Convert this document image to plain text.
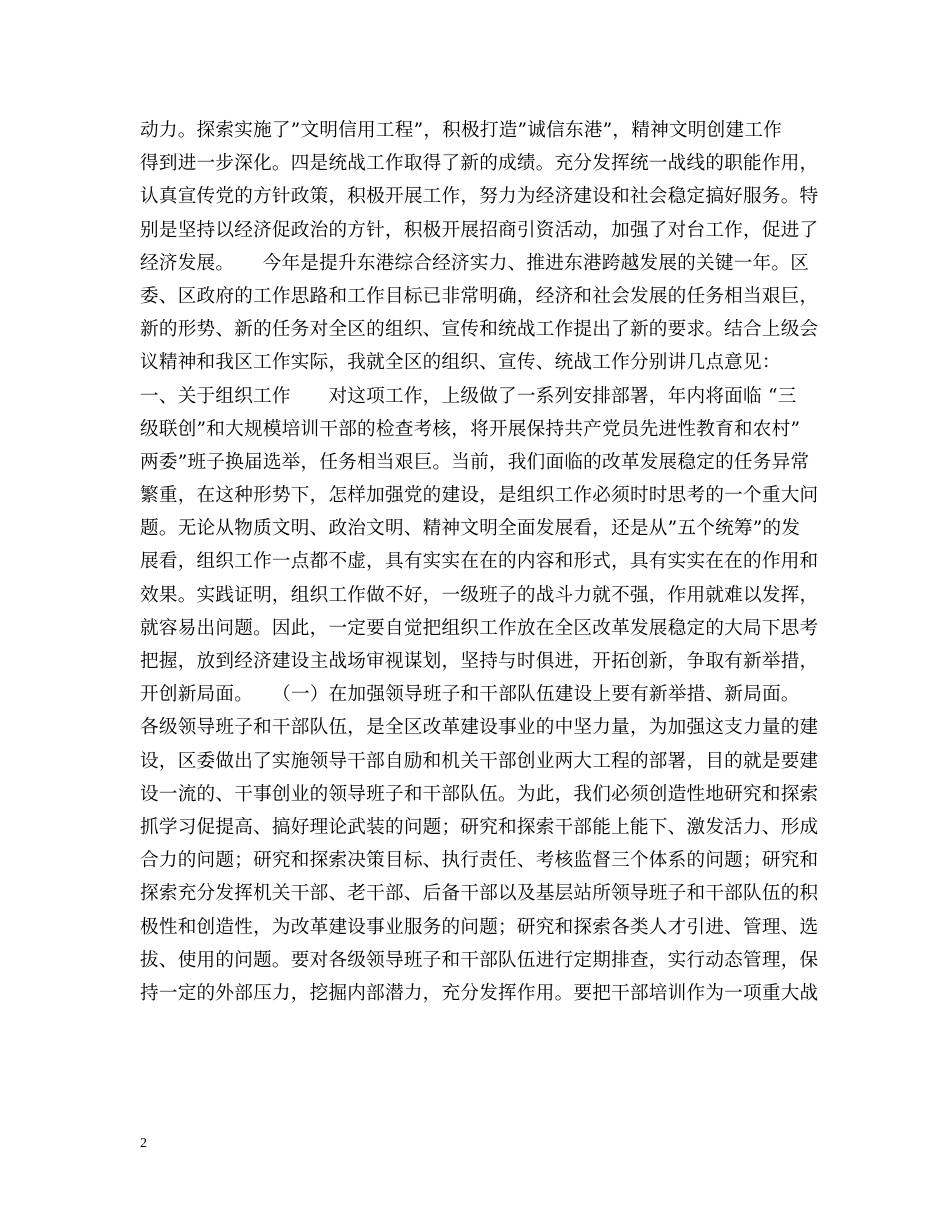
动力。探索实施了”文明信用工程”，积极打造”诚信东港”，精神文明创建工作
得到进一步深化。四是统战工作取得了新的成绩。充分发挥统一战线的职能作用，
认真宣传党的方针政策，积极开展工作，努力为经济建设和社会稳定搞好服务。特
别是坚持以经济促政治的方针，积极开展招商引资活动，加强了对台工作，促进了
经济发展。　　今年是提升东港综合经济实力、推进东港跨越发展的关键一年。区
委、区政府的工作思路和工作目标已非常明确，经济和社会发展的任务相当艰巨，
新的形势、新的任务对全区的组织、宣传和统战工作提出了新的要求。结合上级会
议精神和我区工作实际，我就全区的组织、宣传、统战工作分别讲几点意见：
一、关于组织工作　　对这项工作，上级做了一系列安排部署，年内将面临 “三
级联创”和大规模培训干部的检查考核，将开展保持共产党员先进性教育和农村”
两委”班子换届选举，任务相当艰巨。当前，我们面临的改革发展稳定的任务异常
繁重，在这种形势下，怎样加强党的建设，是组织工作必须时时思考的一个重大问
题。无论从物质文明、政治文明、精神文明全面发展看，还是从”五个统筹”的发
展看，组织工作一点都不虚，具有实实在在的内容和形式，具有实实在在的作用和
效果。实践证明，组织工作做不好，一级班子的战斗力就不强，作用就难以发挥，
就容易出问题。因此，一定要自觉把组织工作放在全区改革发展稳定的大局下思考
把握，放到经济建设主战场审视谋划，坚持与时俱进，开拓创新，争取有新举措，
开创新局面。　　（一）在加强领导班子和干部队伍建设上要有新举措、新局面。
各级领导班子和干部队伍，是全区改革建设事业的中坚力量，为加强这支力量的建
设，区委做出了实施领导干部自励和机关干部创业两大工程的部署，目的就是要建
设一流的、干事创业的领导班子和干部队伍。为此，我们必须创造性地研究和探索
抓学习促提高、搞好理论武装的问题；研究和探索干部能上能下、激发活力、形成
合力的问题；研究和探索决策目标、执行责任、考核监督三个体系的问题；研究和
探索充分发挥机关干部、老干部、后备干部以及基层站所领导班子和干部队伍的积
极性和创造性，为改革建设事业服务的问题；研究和探索各类人才引进、管理、选
拔、使用的问题。要对各级领导班子和干部队伍进行定期排查，实行动态管理，保
持一定的外部压力，挖掘内部潜力，充分发挥作用。要把干部培训作为一项重大战
2
